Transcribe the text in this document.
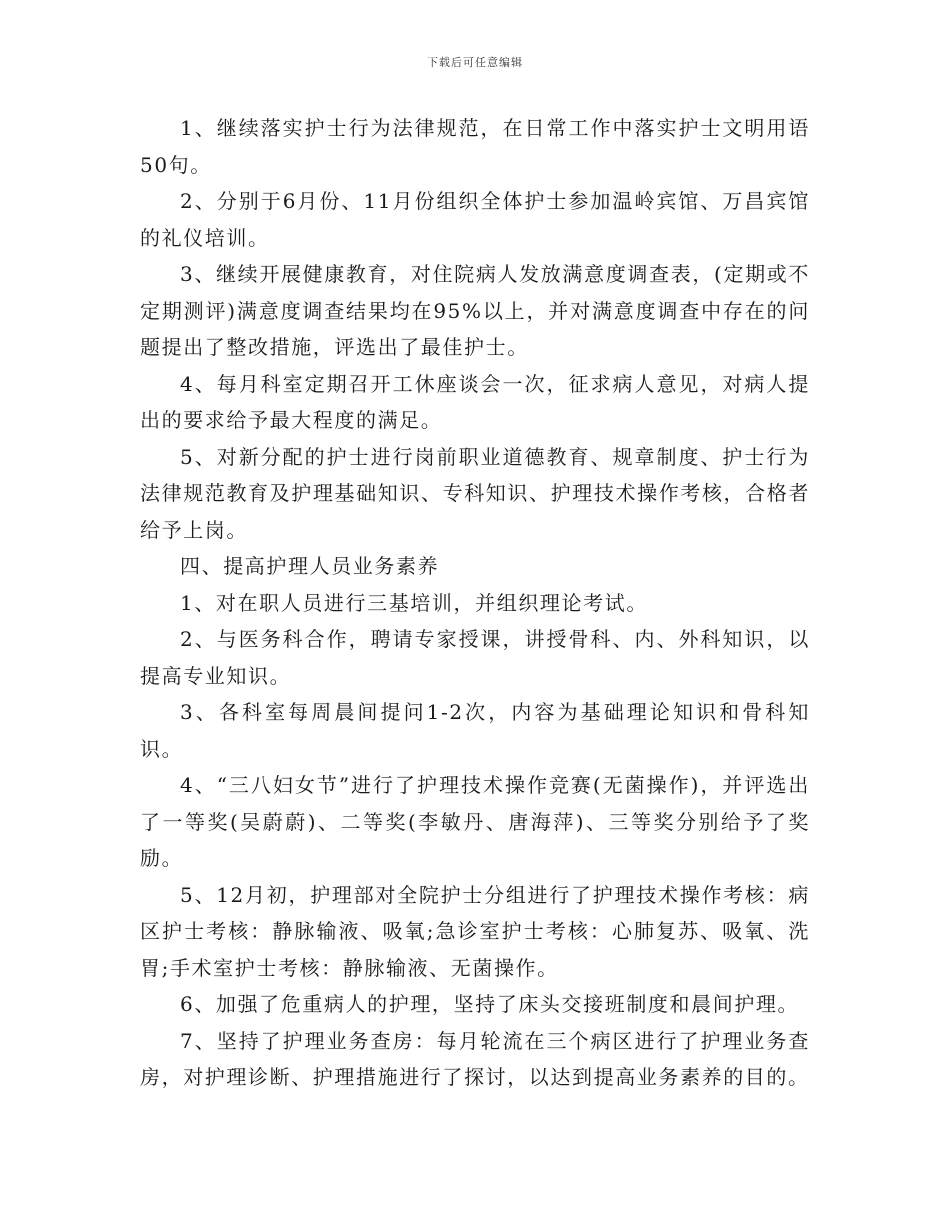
下载后可任意编辑

1、继续落实护士行为法律规范，在日常工作中落实护士文明用语50句。

2、分别于6月份、11月份组织全体护士参加温岭宾馆、万昌宾馆的礼仪培训。

3、继续开展健康教育，对住院病人发放满意度调查表，(定期或不定期测评)满意度调查结果均在95%以上，并对满意度调查中存在的问题提出了整改措施，评选出了最佳护士。

4、每月科室定期召开工休座谈会一次，征求病人意见，对病人提出的要求给予最大程度的满足。

5、对新分配的护士进行岗前职业道德教育、规章制度、护士行为法律规范教育及护理基础知识、专科知识、护理技术操作考核，合格者给予上岗。

四、提高护理人员业务素养

1、对在职人员进行三基培训，并组织理论考试。

2、与医务科合作，聘请专家授课，讲授骨科、内、外科知识，以提高专业知识。

3、各科室每周晨间提问1-2次，内容为基础理论知识和骨科知识。

4、“三八妇女节”进行了护理技术操作竞赛(无菌操作)，并评选出了一等奖(吴蔚蔚)、二等奖(李敏丹、唐海萍)、三等奖分别给予了奖励。

5、12月初，护理部对全院护士分组进行了护理技术操作考核：病区护士考核：静脉输液、吸氧;急诊室护士考核：心肺复苏、吸氧、洗胃;手术室护士考核：静脉输液、无菌操作。

6、加强了危重病人的护理，坚持了床头交接班制度和晨间护理。

7、坚持了护理业务查房：每月轮流在三个病区进行了护理业务查房，对护理诊断、护理措施进行了探讨，以达到提高业务素养的目的。
